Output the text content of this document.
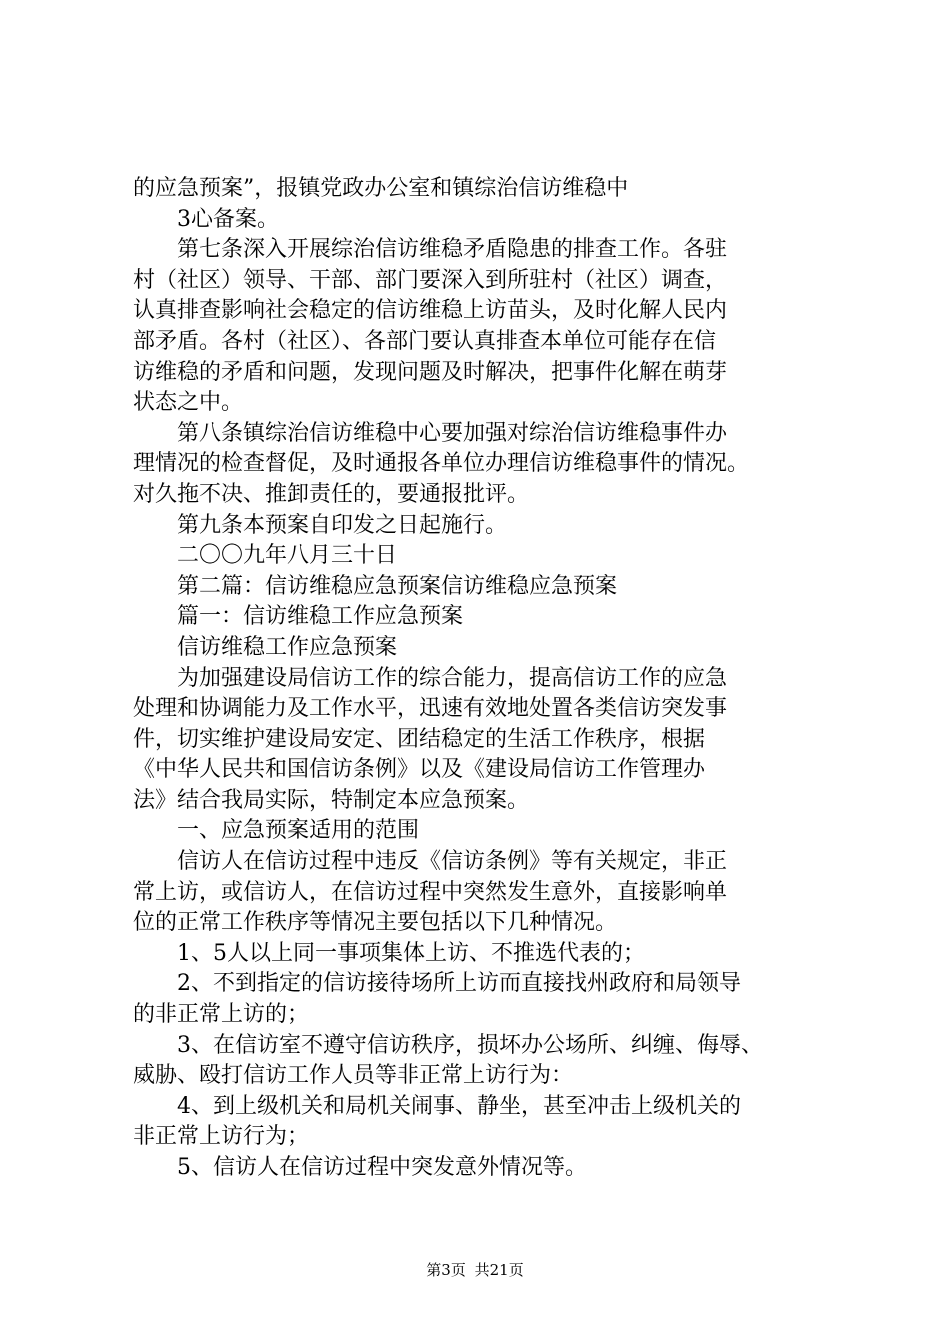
的应急预案”，报镇党政办公室和镇综治信访维稳中
3心备案。
第七条深入开展综治信访维稳矛盾隐患的排查工作。各驻
村（社区）领导、干部、部门要深入到所驻村（社区）调查，
认真排查影响社会稳定的信访维稳上访苗头，及时化解人民内
部矛盾。各村（社区）、各部门要认真排查本单位可能存在信
访维稳的矛盾和问题，发现问题及时解决，把事件化解在萌芽
状态之中。
第八条镇综治信访维稳中心要加强对综治信访维稳事件办
理情况的检查督促，及时通报各单位办理信访维稳事件的情况。
对久拖不决、推卸责任的，要通报批评。
第九条本预案自印发之日起施行。
二〇〇九年八月三十日
第二篇：信访维稳应急预案信访维稳应急预案
篇一：信访维稳工作应急预案
信访维稳工作应急预案
为加强建设局信访工作的综合能力，提高信访工作的应急
处理和协调能力及工作水平，迅速有效地处置各类信访突发事
件，切实维护建设局安定、团结稳定的生活工作秩序，根据
《中华人民共和国信访条例》以及《建设局信访工作管理办
法》结合我局实际，特制定本应急预案。
一、应急预案适用的范围
信访人在信访过程中违反《信访条例》等有关规定，非正
常上访，或信访人，在信访过程中突然发生意外，直接影响单
位的正常工作秩序等情况主要包括以下几种情况。
1、5人以上同一事项集体上访、不推选代表的；
2、不到指定的信访接待场所上访而直接找州政府和局领导
的非正常上访的；
3、在信访室不遵守信访秩序，损坏办公场所、纠缠、侮辱、
威胁、殴打信访工作人员等非正常上访行为：
4、到上级机关和局机关闹事、静坐，甚至冲击上级机关的
非正常上访行为；
5、信访人在信访过程中突发意外情况等。
第3页 共21页
